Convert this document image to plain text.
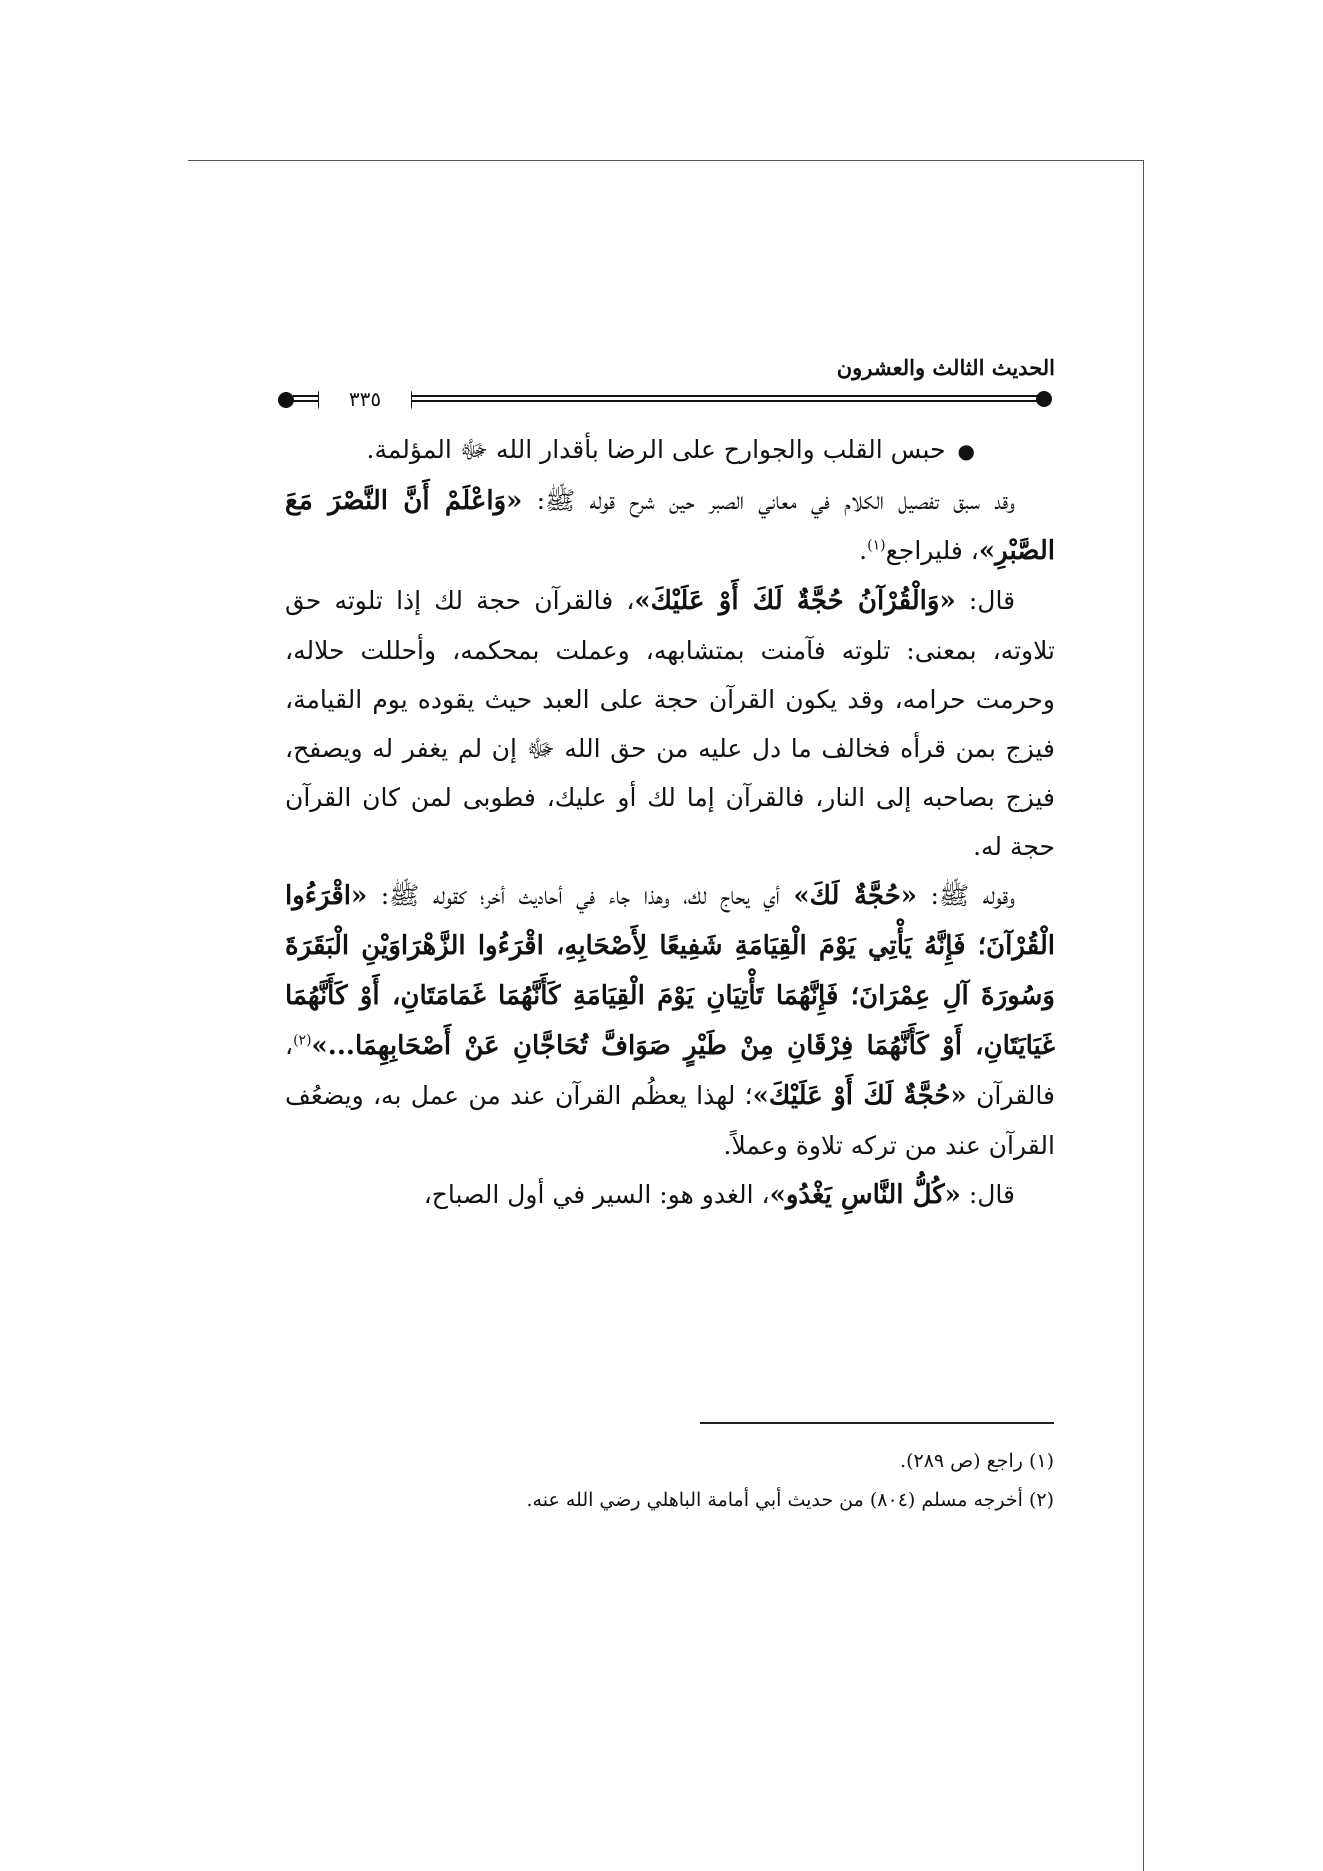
الحديث الثالث والعشرون
٣٣٥

●حبس القلب والجوارح على الرضا بأقدار الله ﷻ المؤلمة.

وقد سبق تفصيل الكلام في معاني الصبر حين شرح قوله ﷺ: «وَاعْلَمْ أَنَّ النَّصْرَ مَعَ الصَّبْرِ»، فليراجع$^{(١)}$.

قال: «وَالْقُرْآنُ حُجَّةٌ لَكَ أَوْ عَلَيْكَ»، فالقرآن حجة لك إذا تلوته حق تلاوته، بمعنى: تلوته فآمنت بمتشابهه، وعملت بمحكمه، وأحللت حلاله، وحرمت حرامه، وقد يكون القرآن حجة على العبد حيث يقوده يوم القيامة، فيزج بمن قرأه فخالف ما دل عليه من حق الله ﷻ إن لم يغفر له ويصفح، فيزج بصاحبه إلى النار، فالقرآن إما لك أو عليك، فطوبى لمن كان القرآن حجة له.

وقوله ﷺ: «حُجَّةٌ لَكَ» أي يحاج لك، وهذا جاء في أحاديث أخر؛ كقوله ﷺ: «اقْرَءُوا الْقُرْآنَ؛ فَإِنَّهُ يَأْتِي يَوْمَ الْقِيَامَةِ شَفِيعًا لِأَصْحَابِهِ، اقْرَءُوا الزَّهْرَاوَيْنِ الْبَقَرَةَ وَسُورَةَ آلِ عِمْرَانَ؛ فَإِنَّهُمَا تَأْتِيَانِ يَوْمَ الْقِيَامَةِ كَأَنَّهُمَا غَمَامَتَانِ، أَوْ كَأَنَّهُمَا غَيَايَتَانِ، أَوْ كَأَنَّهُمَا فِرْقَانِ مِنْ طَيْرٍ صَوَافَّ تُحَاجَّانِ عَنْ أَصْحَابِهِمَا...»$^{(٢)}$، فالقرآن «حُجَّةٌ لَكَ أَوْ عَلَيْكَ»؛ لهذا يعظُم القرآن عند من عمل به، ويضعُف القرآن عند من تركه تلاوة وعملاً.

قال: «كُلُّ النَّاسِ يَغْدُو»، الغدو هو: السير في أول الصباح،

(١) راجع (ص ٢٨٩).

(٢) أخرجه مسلم (٨٠٤) من حديث أبي أمامة الباهلي رضي الله عنه.
